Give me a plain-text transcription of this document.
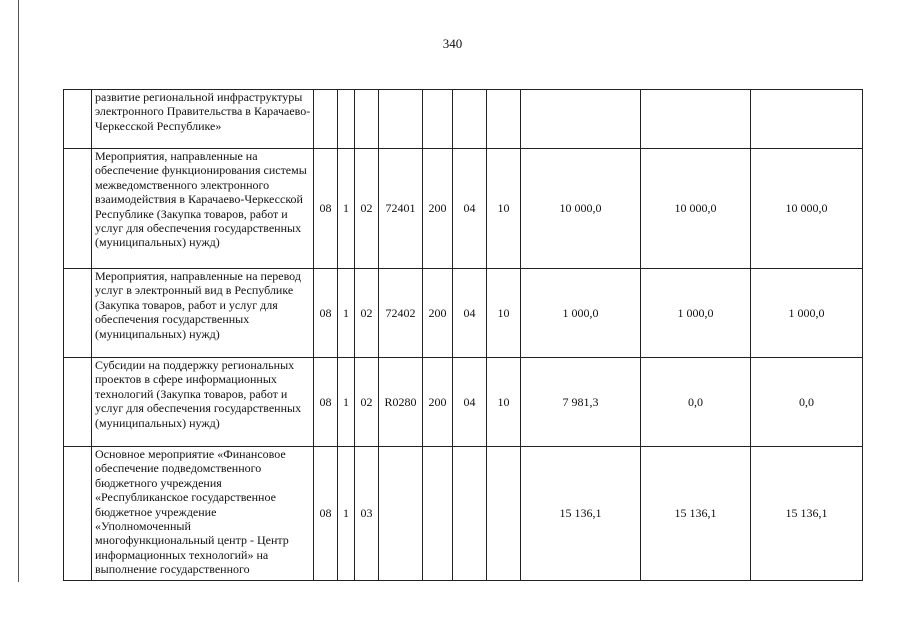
340
	развитие региональной инфраструктуры электронного Правительства в Карачаево-Черкесской Республике»										
	Мероприятия, направленные на обеспечение функционирования системы межведомственного электронного взаимодействия в Карачаево-Черкесской Республике (Закупка товаров, работ и услуг для обеспечения государственных (муниципальных) нужд)	08	1	02	72401	200	04	10	10 000,0	10 000,0	10 000,0
	Мероприятия, направленные на перевод услуг в электронный вид в Республике (Закупка товаров, работ и услуг для обеспечения государственных (муниципальных) нужд)	08	1	02	72402	200	04	10	1 000,0	1 000,0	1 000,0
	Субсидии на поддержку региональных проектов в сфере информационных технологий (Закупка товаров, работ и услуг для обеспечения государственных (муниципальных) нужд)	08	1	02	R0280	200	04	10	7 981,3	0,0	0,0
	Основное мероприятие «Финансовое обеспечение подведомственного бюджетного учреждения «Республиканское государственное бюджетное учреждение «Уполномоченный многофункциональный центр - Центр информационных технологий» на выполнение государственного	08	1	03					15 136,1	15 136,1	15 136,1
